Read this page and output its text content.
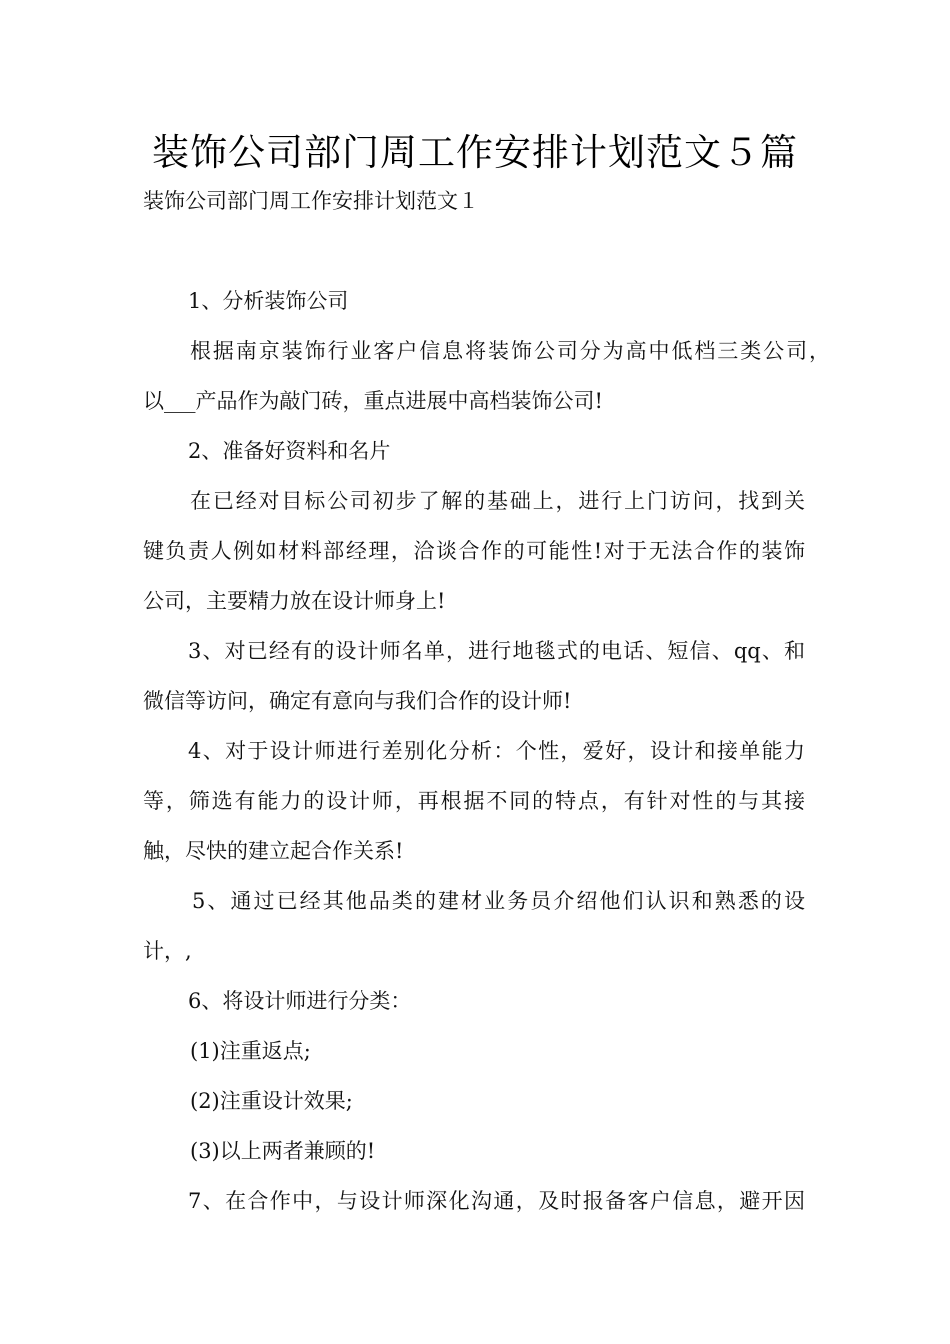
装饰公司部门周工作安排计划范文５篇
装饰公司部门周工作安排计划范文１
1、分析装饰公司
根据南京装饰行业客户信息将装饰公司分为高中低档三类公司，
以___产品作为敲门砖，重点进展中高档装饰公司!
2、准备好资料和名片
在已经对目标公司初步了解的基础上，进行上门访问，找到关
键负责人例如材料部经理，洽谈合作的可能性!对于无法合作的装饰
公司，主要精力放在设计师身上!
3、对已经有的设计师名单，进行地毯式的电话、短信、qq、和
微信等访问，确定有意向与我们合作的设计师!
4、对于设计师进行差别化分析：个性，爱好，设计和接单能力
等，筛选有能力的设计师，再根据不同的特点，有针对性的与其接
触，尽快的建立起合作关系!
5、通过已经其他品类的建材业务员介绍他们认识和熟悉的设
计，,
6、将设计师进行分类：
(1)注重返点;
(2)注重设计效果;
(3)以上两者兼顾的!
7、在合作中，与设计师深化沟通，及时报备客户信息，避开因
